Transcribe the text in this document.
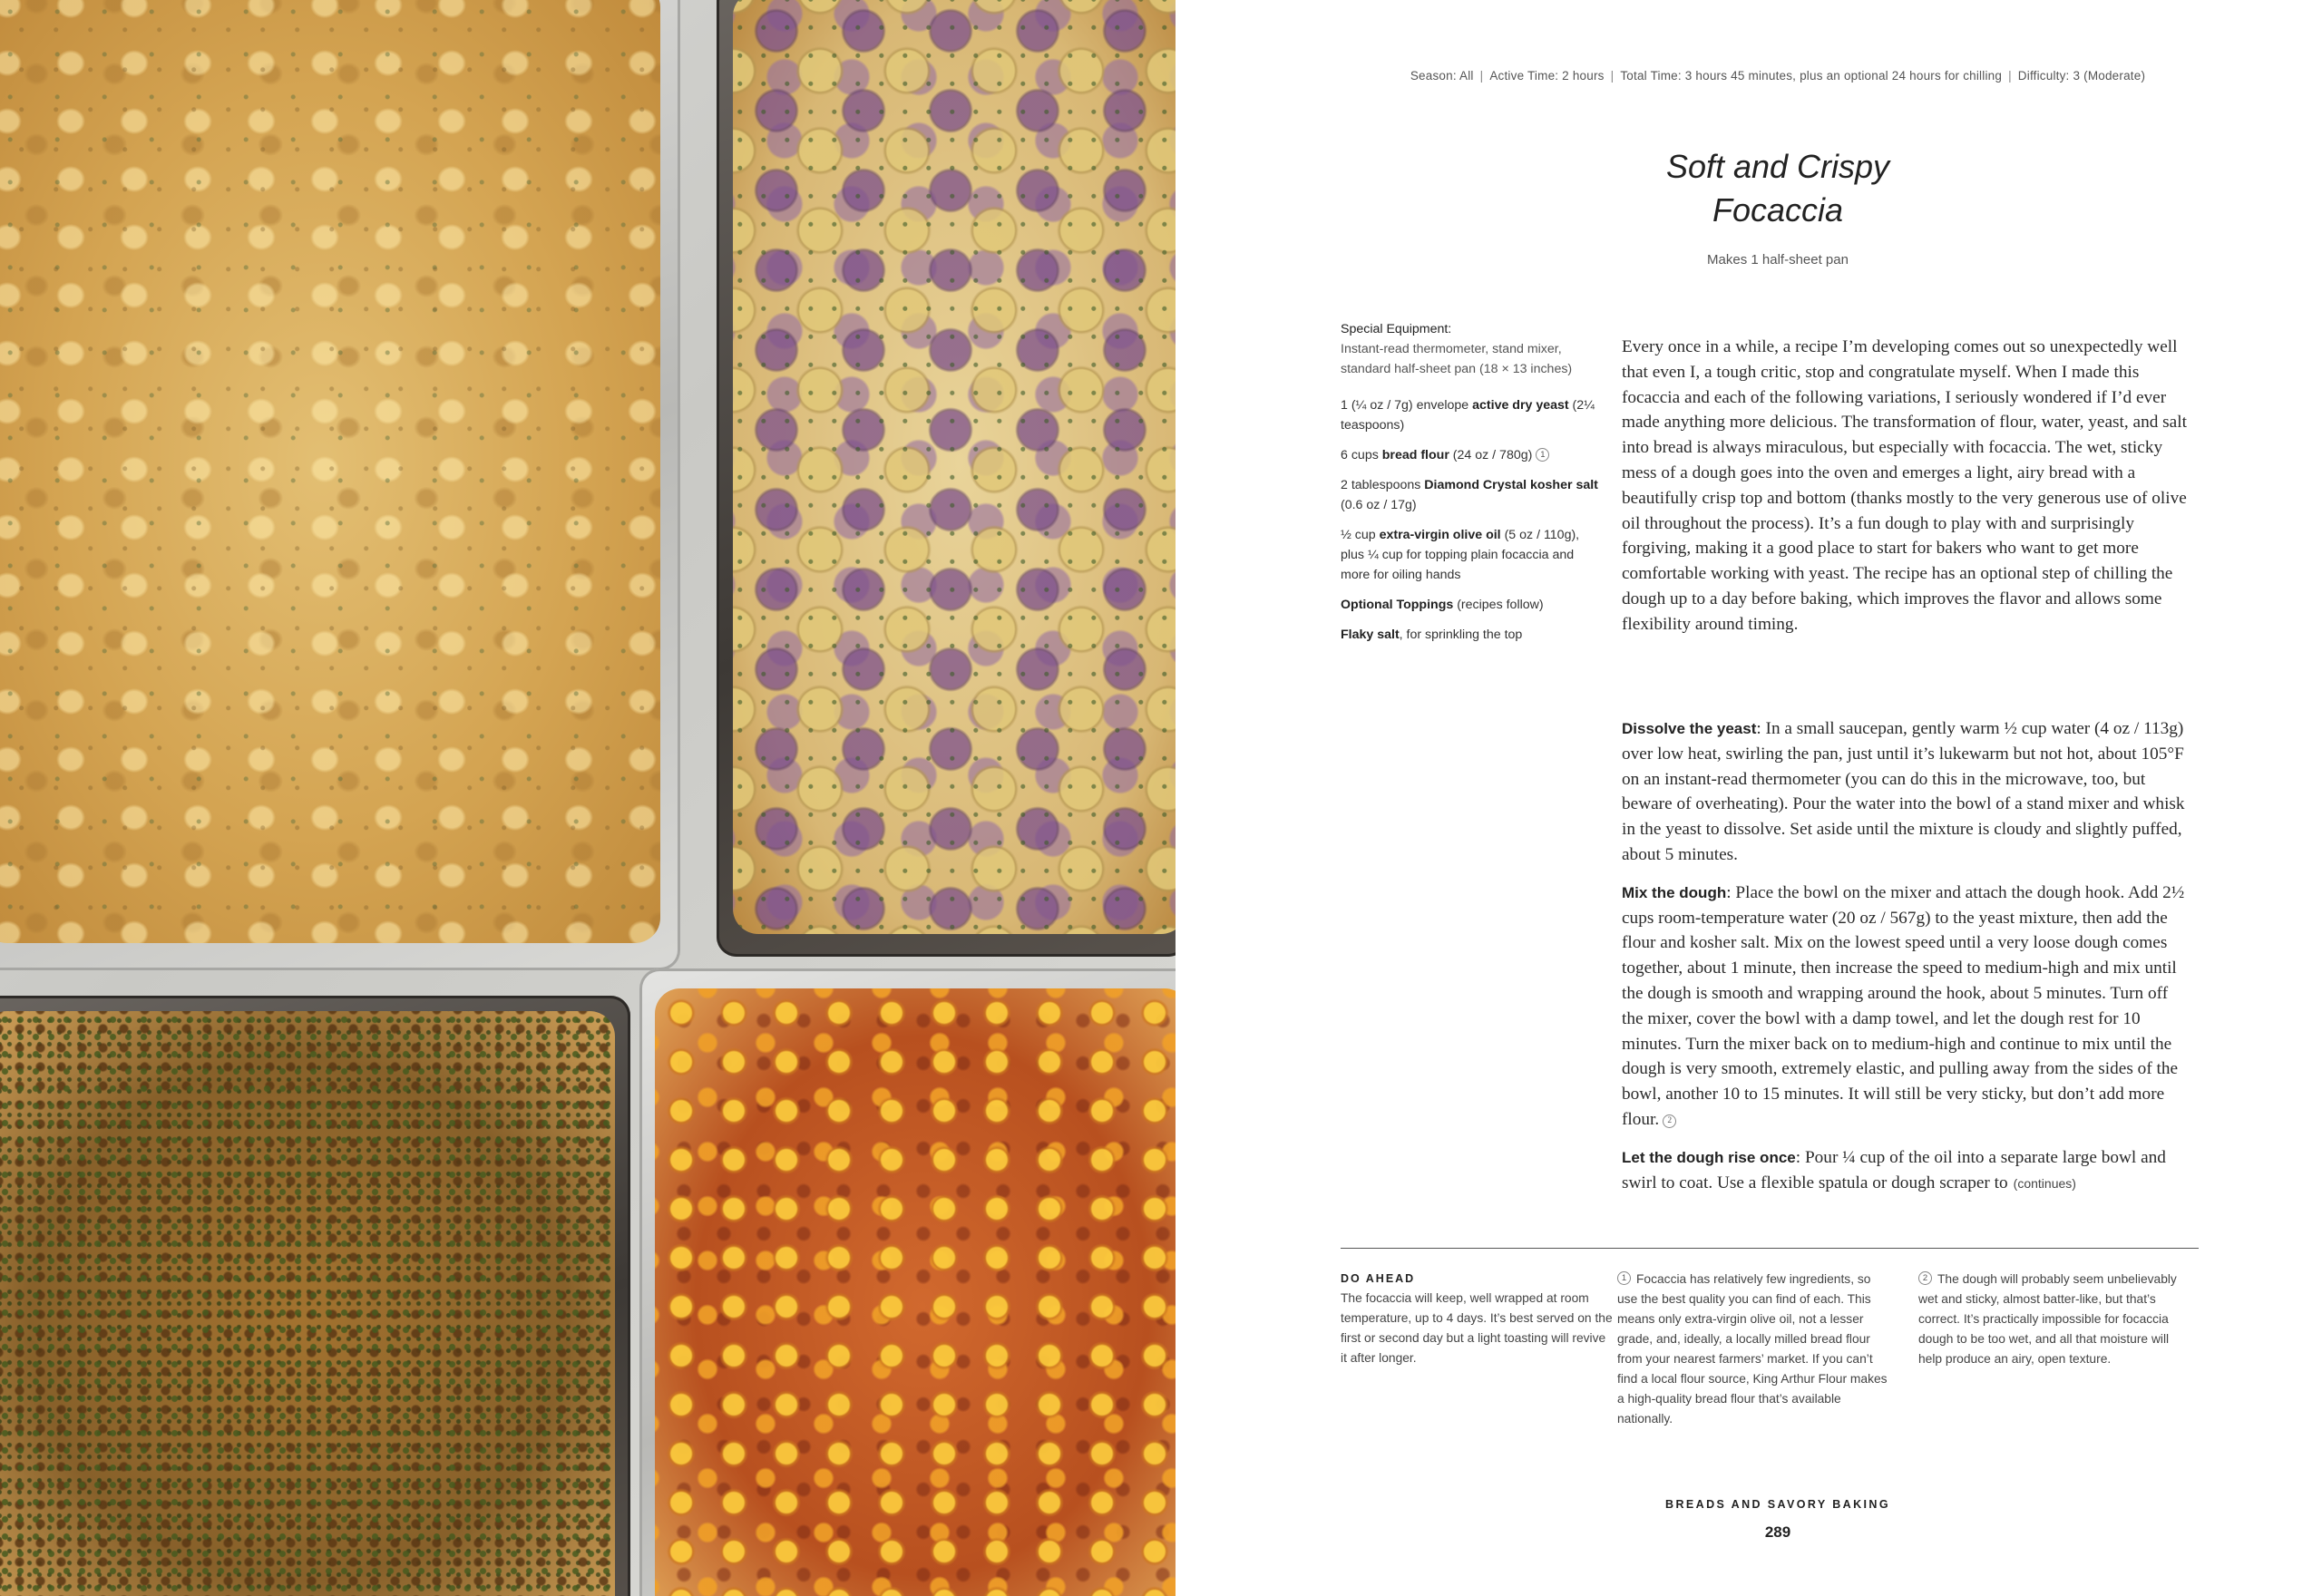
Season: All | Active Time: 2 hours | Total Time: 3 hours 45 minutes, plus an optional 24 hours for chilling | Difficulty: 3 (Moderate)
Soft and Crispy
Focaccia
Makes 1 half-sheet pan
Special Equipment:
Instant-read thermometer, stand mixer, standard half-sheet pan (18 × 13 inches)
1 (¼ oz / 7g) envelope active dry yeast (2¼ teaspoons)
6 cups bread flour (24 oz / 780g) 1
2 tablespoons Diamond Crystal kosher salt (0.6 oz / 17g)
½ cup extra-virgin olive oil (5 oz / 110g), plus ¼ cup for topping plain focaccia and more for oiling hands
Optional Toppings (recipes follow)
Flaky salt, for sprinkling the top
Every once in a while, a recipe I’m developing comes out so unexpectedly well that even I, a tough critic, stop and congratulate myself. When I made this focaccia and each of the following variations, I seriously wondered if I’d ever made anything more delicious. The transformation of flour, water, yeast, and salt into bread is always miraculous, but especially with focaccia. The wet, sticky mess of a dough goes into the oven and emerges a light, airy bread with a beautifully crisp top and bottom (thanks mostly to the very generous use of olive oil throughout the process). It’s a fun dough to play with and surprisingly forgiving, making it a good place to start for bakers who want to get more comfortable working with yeast. The recipe has an optional step of chilling the dough up to a day before baking, which improves the flavor and allows some flexibility around timing.
Dissolve the yeast: In a small saucepan, gently warm ½ cup water (4 oz / 113g) over low heat, swirling the pan, just until it’s lukewarm but not hot, about 105°F on an instant-read thermometer (you can do this in the microwave, too, but beware of overheating). Pour the water into the bowl of a stand mixer and whisk in the yeast to dissolve. Set aside until the mixture is cloudy and slightly puffed, about 5 minutes.
Mix the dough: Place the bowl on the mixer and attach the dough hook. Add 2½ cups room-temperature water (20 oz / 567g) to the yeast mixture, then add the flour and kosher salt. Mix on the lowest speed until a very loose dough comes together, about 1 minute, then increase the speed to medium-high and mix until the dough is smooth and wrapping around the hook, about 5 minutes. Turn off the mixer, cover the bowl with a damp towel, and let the dough rest for 10 minutes. Turn the mixer back on to medium-high and continue to mix until the dough is very smooth, extremely elastic, and pulling away from the sides of the bowl, another 10 to 15 minutes. It will still be very sticky, but don’t add more flour. 2
Let the dough rise once: Pour ¼ cup of the oil into a separate large bowl and swirl to coat. Use a flexible spatula or dough scraper to (continues)
DO AHEAD
The focaccia will keep, well wrapped at room temperature, up to 4 days. It’s best served on the first or second day but a light toasting will revive it after longer.
1 Focaccia has relatively few ingredients, so use the best quality you can find of each. This means only extra-virgin olive oil, not a lesser grade, and, ideally, a locally milled bread flour from your nearest farmers’ market. If you can’t find a local flour source, King Arthur Flour makes a high-quality bread flour that’s available nationally.
2 The dough will probably seem unbelievably wet and sticky, almost batter-like, but that’s correct. It’s practically impossible for focaccia dough to be too wet, and all that moisture will help produce an airy, open texture.
BREADS AND SAVORY BAKING
289
